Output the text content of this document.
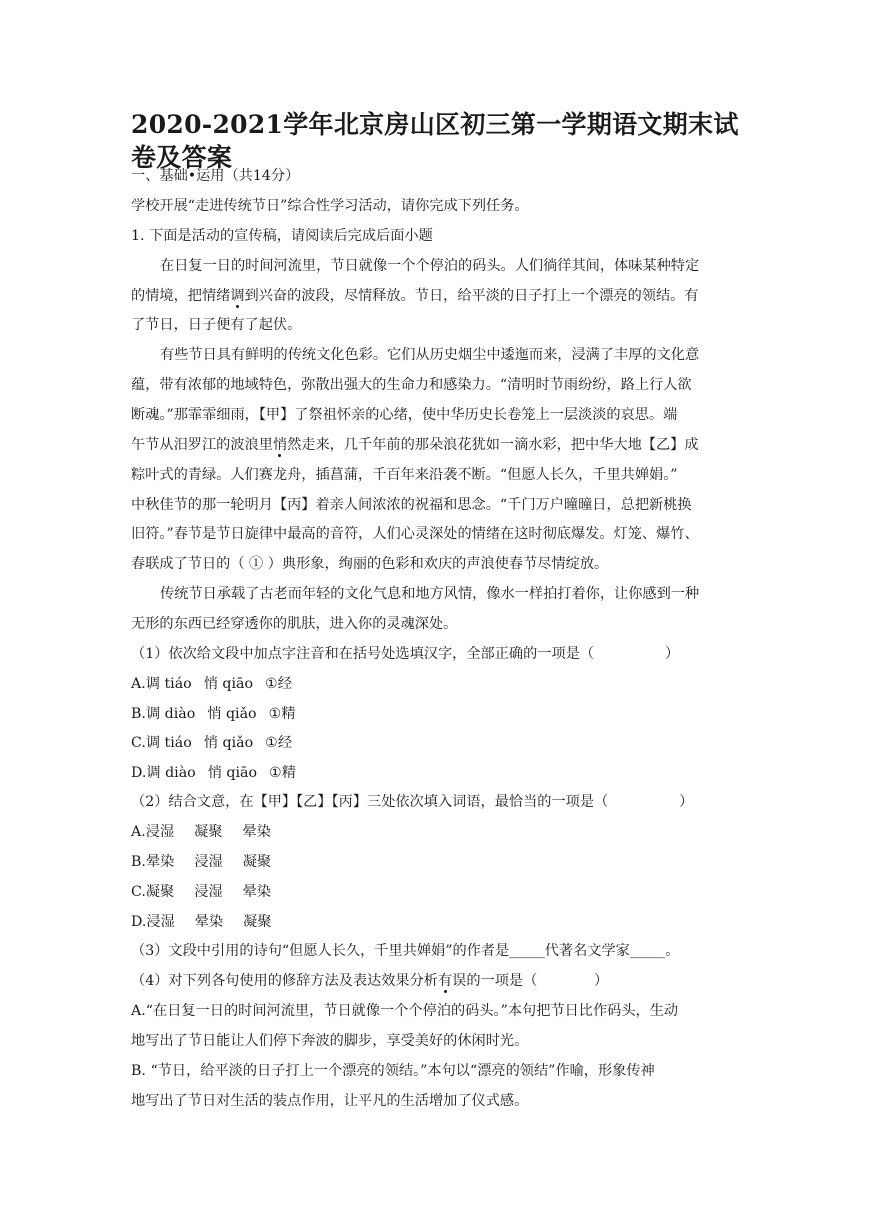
2020-2021学年北京房山区初三第一学期语文期末试卷及答案
一、基础•运用（共14分）
学校开展“走进传统节日”综合性学习活动，请你完成下列任务。
1. 下面是活动的宣传稿，请阅读后完成后面小题
在日复一日的时间河流里，节日就像一个个停泊的码头。人们徜徉其间，体味某种特定
的情境，把情绪调到兴奋的波段，尽情释放。节日，给平淡的日子打上一个漂亮的领结。有
了节日，日子便有了起伏。
有些节日具有鲜明的传统文化色彩。它们从历史烟尘中逶迤而来，浸满了丰厚的文化意
蕴，带有浓郁的地域特色，弥散出强大的生命力和感染力。“清明时节雨纷纷，路上行人欲
断魂。”那霏霏细雨，【甲】了祭祖怀亲的心绪，使中华历史长卷笼上一层淡淡的哀思。端
午节从汨罗江的波浪里悄然走来，几千年前的那朵浪花犹如一滴水彩，把中华大地【乙】成
粽叶式的青绿。人们赛龙舟，插菖蒲，千百年来沿袭不断。“但愿人长久，千里共婵娟。”
中秋佳节的那一轮明月【丙】着亲人间浓浓的祝福和思念。“千门万户曈曈日，总把新桃换
旧符。”春节是节日旋律中最高的音符，人们心灵深处的情绪在这时彻底爆发。灯笼、爆竹、
春联成了节日的（ ① ）典形象，绚丽的色彩和欢庆的声浪使春节尽情绽放。
传统节日承载了古老而年轻的文化气息和地方风情，像水一样拍打着你，让你感到一种
无形的东西已经穿透你的肌肤，进入你的灵魂深处。
（1）依次给文段中加点字注音和在括号处选填汉字，全部正确的一项是（　　　　　）
A.调 tiáo 悄 qiāo ①经
B.调 diào 悄 qiǎo ①精
C.调 tiáo 悄 qiǎo ①经
D.调 diào 悄 qiāo ①精
（2）结合文意，在【甲】【乙】【丙】三处依次填入词语，最恰当的一项是（　　　　　）
A.浸湿 凝聚 晕染
B.晕染 浸湿 凝聚
C.凝聚 浸湿 晕染
D.浸湿 晕染 凝聚
（3）文段中引用的诗句“但愿人长久，千里共婵娟”的作者是_____代著名文学家_____。
（4）对下列各句使用的修辞方法及表达效果分析有误的一项是（　　　　）
A.“在日复一日的时间河流里，节日就像一个个停泊的码头。”本句把节日比作码头，生动
地写出了节日能让人们停下奔波的脚步，享受美好的休闲时光。
B. “节日，给平淡的日子打上一个漂亮的领结。”本句以“漂亮的领结”作喻，形象传神
地写出了节日对生活的装点作用，让平凡的生活增加了仪式感。
